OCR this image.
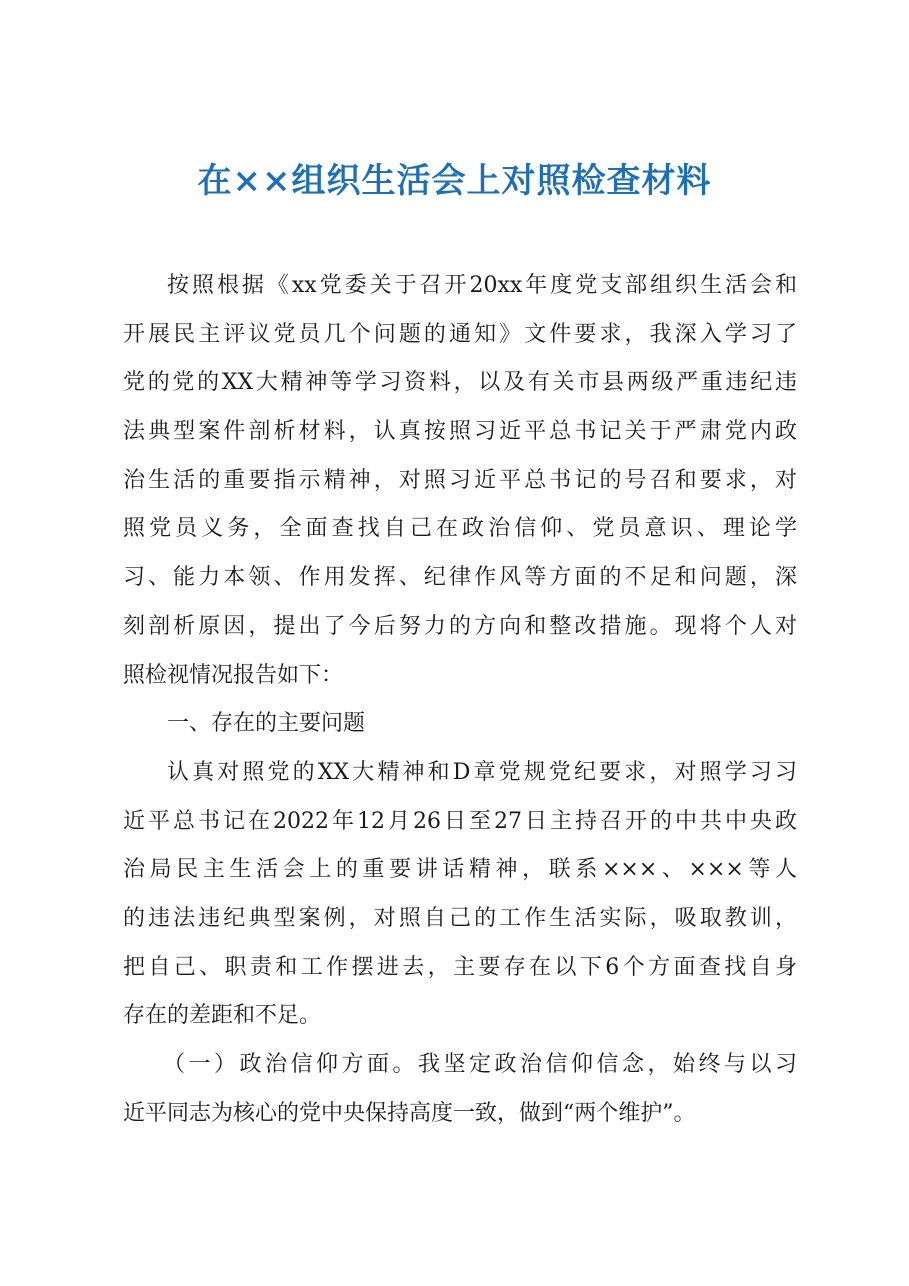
在××组织生活会上对照检查材料
按照根据《xx党委关于召开20xx年度党支部组织生活会和
开展民主评议党员几个问题的通知》文件要求，我深入学习了
党的党的XX大精神等学习资料，以及有关市县两级严重违纪违
法典型案件剖析材料，认真按照习近平总书记关于严肃党内政
治生活的重要指示精神，对照习近平总书记的号召和要求，对
照党员义务，全面查找自己在政治信仰、党员意识、理论学
习、能力本领、作用发挥、纪律作风等方面的不足和问题，深
刻剖析原因，提出了今后努力的方向和整改措施。现将个人对
照检视情况报告如下：
一、存在的主要问题
认真对照党的XX大精神和D章党规党纪要求，对照学习习
近平总书记在2022年12月26日至27日主持召开的中共中央政
治局民主生活会上的重要讲话精神，联系×××、×××等人
的违法违纪典型案例，对照自己的工作生活实际，吸取教训，
把自己、职责和工作摆进去，主要存在以下6个方面查找自身
存在的差距和不足。
（一）政治信仰方面。我坚定政治信仰信念，始终与以习
近平同志为核心的党中央保持高度一致，做到“两个维护”。
